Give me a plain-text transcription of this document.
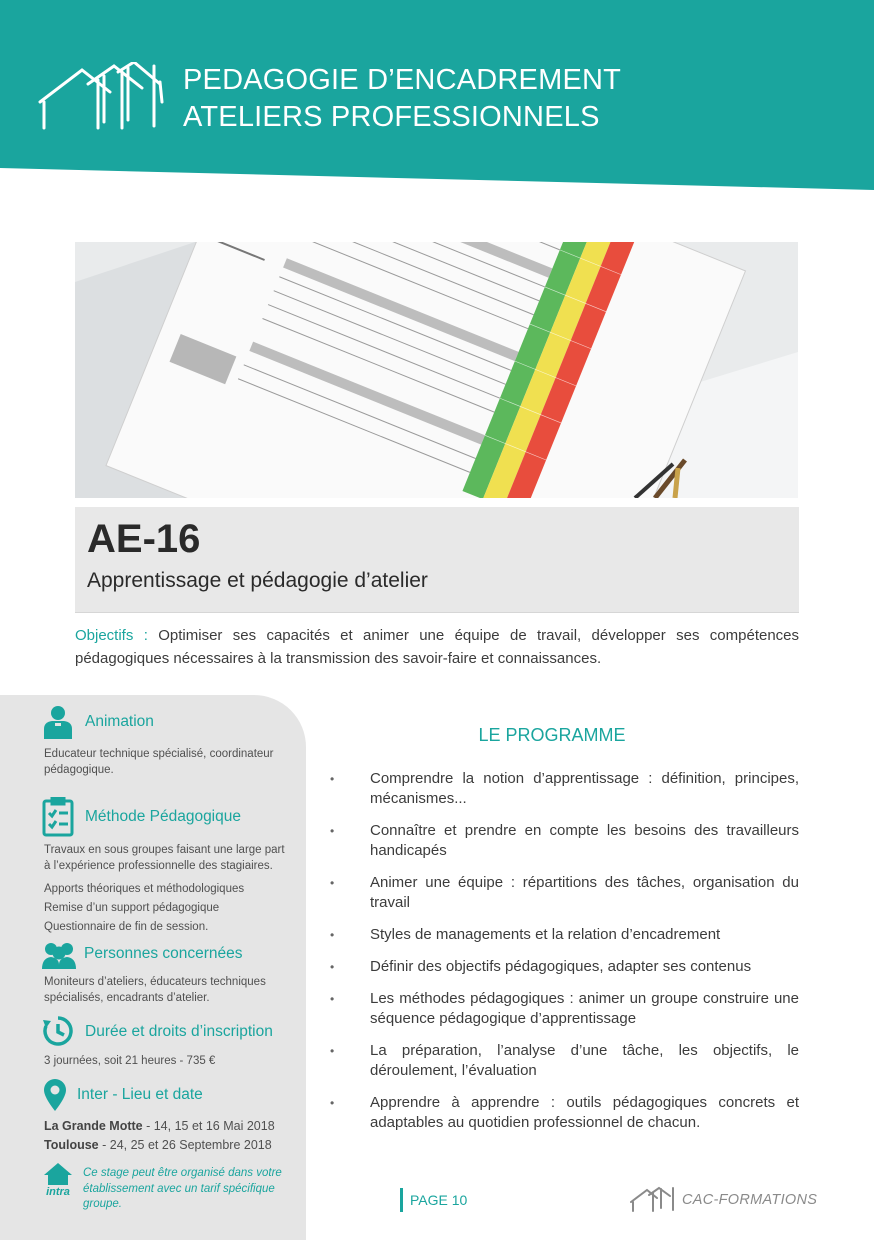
PEDAGOGIE D’ENCADREMENT
ATELIERS PROFESSIONNELS
AE-16
Apprentissage et pédagogie d’atelier
Objectifs : Optimiser ses capacités et animer une équipe de travail, développer ses compétences pédagogiques nécessaires à la transmission des savoir-faire et connaissances.
Animation
Educateur technique spécialisé, coordinateur pédagogique.
Méthode Pédagogique
Travaux en sous groupes faisant une large part à l’expérience professionnelle des stagiaires.
Apports théoriques et méthodologiques
Remise d’un support pédagogique
Questionnaire de fin de session.
Personnes concernées
Moniteurs d’ateliers, éducateurs techniques spécialisés, encadrants d’atelier.
Durée et droits d’inscription
3 journées, soit 21 heures - 735 €
Inter - Lieu et date
La Grande Motte - 14, 15 et 16 Mai 2018
Toulouse - 24, 25 et 26 Septembre 2018
intra
Ce stage peut être organisé dans votre établissement avec un tarif spécifique groupe.
LE PROGRAMME
• Comprendre la notion d’apprentissage : définition, principes, mécanismes...
• Connaître et prendre en compte les besoins des travailleurs handicapés
• Animer une équipe : répartitions des tâches, organisation du travail
• Styles de managements et la relation d’encadrement
• Définir des objectifs pédagogiques, adapter ses contenus
• Les méthodes pédagogiques : animer un groupe construire une séquence pédagogique d’apprentissage
• La préparation, l’analyse d’une tâche, les objectifs, le déroulement, l’évaluation
• Apprendre à apprendre : outils pédagogiques concrets et adaptables au quotidien professionnel de chacun.
PAGE 10	CAC-FORMATIONS
